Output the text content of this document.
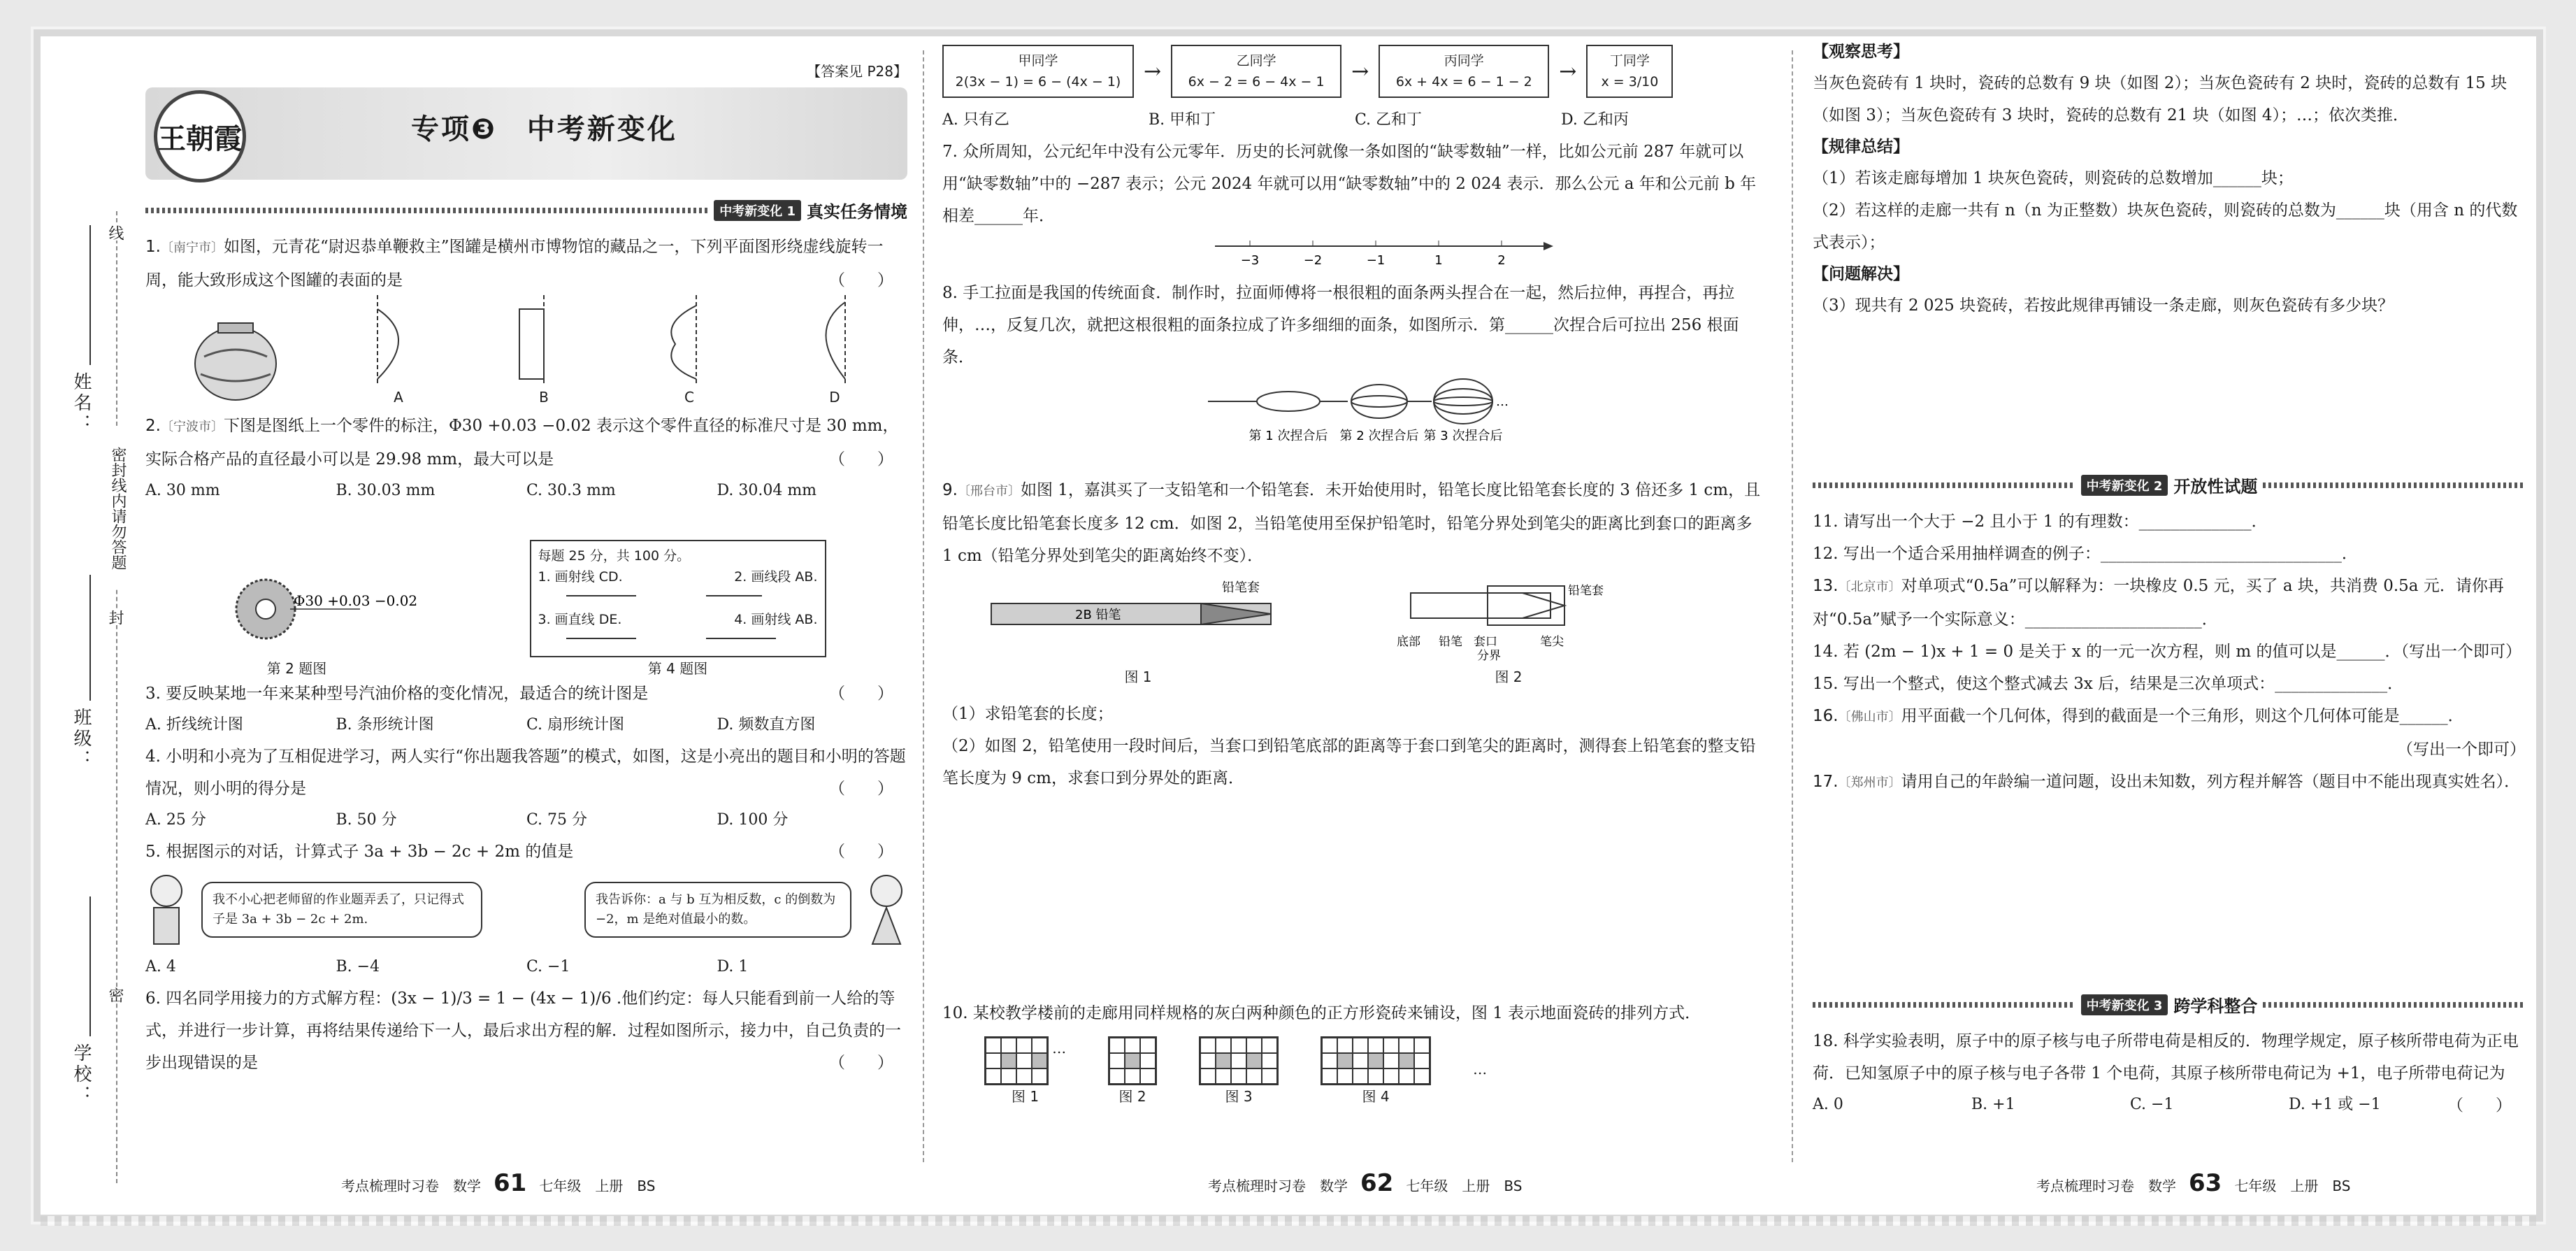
姓名：
班级：
学校：
线
密封线内请勿答题
封
密
【答案见 P28】
王朝霞	专项❸　中考新变化
中考新变化 1 真实任务情境
1.〔南宁市〕如图，元青花“尉迟恭单鞭救主”图罐是横州市博物馆的藏品之一，下列平面图形绕虚线旋转一周，能大致形成这个图罐的表面的是	（　　）
A	B	C	D
2.〔宁波市〕下图是图纸上一个零件的标注，Φ30 +0.03 −0.02 表示这个零件直径的标准尺寸是 30 mm，实际合格产品的直径最小可以是 29.98 mm，最大可以是	（　　）
A. 30 mm	B. 30.03 mm	C. 30.3 mm	D. 30.04 mm
Φ30 +0.03 −0.02
第 2 题图
每题 25 分，共 100 分。
1. 画射线 CD.	2. 画线段 AB.
3. 画直线 DE.	4. 画射线 AB.
第 4 题图
3. 要反映某地一年来某种型号汽油价格的变化情况，最适合的统计图是	（　　）
A. 折线统计图	B. 条形统计图	C. 扇形统计图	D. 频数直方图
4. 小明和小亮为了互相促进学习，两人实行“你出题我答题”的模式，如图，这是小亮出的题目和小明的答题情况，则小明的得分是	（　　）
A. 25 分	B. 50 分	C. 75 分	D. 100 分
5. 根据图示的对话，计算式子 3a + 3b − 2c + 2m 的值是	（　　）
我不小心把老师留的作业题弄丢了，只记得式子是 3a + 3b − 2c + 2m.
我告诉你：a 与 b 互为相反数，c 的倒数为 −2，m 是绝对值最小的数。
A. 4	B. −4	C. −1	D. 1
6. 四名同学用接力的方式解方程：(3x − 1)/3 = 1 − (4x − 1)/6 .他们约定：每人只能看到前一人给的等式，并进行一步计算，再将结果传递给下一人，最后求出方程的解．过程如图所示，接力中，自己负责的一步出现错误的是	（　　）
考点梳理时习卷　数学 61 七年级　上册　BS
甲同学
2(3x − 1) = 6 − (4x − 1) →	乙同学
6x − 2 = 6 − 4x − 1	→	丙同学
6x + 4x = 6 − 1 − 2	→	丁同学
x = 3/10
A. 只有乙	B. 甲和丁	C. 乙和丁	D. 乙和丙
7. 众所周知，公元纪年中没有公元零年．历史的长河就像一条如图的“缺零数轴”一样，比如公元前 287 年就可以用“缺零数轴”中的 −287 表示；公元 2024 年就可以用“缺零数轴”中的 2 024 表示．那么公元 a 年和公元前 b 年相差______年．
−3	−2	−1	1	2
8. 手工拉面是我国的传统面食．制作时，拉面师傅将一根很粗的面条两头捏合在一起，然后拉伸，再捏合，再拉伸，…，反复几次，就把这根很粗的面条拉成了许多细细的面条，如图所示．第______次捏合后可拉出 256 根面条．
…
第 1 次捏合后 第 2 次捏合后 第 3 次捏合后
9.〔邢台市〕如图 1，嘉淇买了一支铅笔和一个铅笔套．未开始使用时，铅笔长度比铅笔套长度的 3 倍还多 1 cm，且铅笔长度比铅笔套长度多 12 cm．如图 2，当铅笔使用至保护铅笔时，铅笔分界处到笔尖的距离比到套口的距离多 1 cm（铅笔分界处到笔尖的距离始终不变）．
铅笔套
2B 铅笔
图 1
铅笔套
底部 铅笔 套口
分界
笔尖
图 2
（1）求铅笔套的长度；
（2）如图 2，铅笔使用一段时间后，当套口到铅笔底部的距离等于套口到笔尖的距离时，测得套上铅笔套的整支铅笔长度为 9 cm，求套口到分界处的距离．
10. 某校教学楼前的走廊用同样规格的灰白两种颜色的正方形瓷砖来铺设，图 1 表示地面瓷砖的排列方式．
…
图 1	图 2	图 3	图 4
…
考点梳理时习卷　数学 62 七年级　上册　BS
【观察思考】
当灰色瓷砖有 1 块时，瓷砖的总数有 9 块（如图 2）；当灰色瓷砖有 2 块时，瓷砖的总数有 15 块（如图 3）；当灰色瓷砖有 3 块时，瓷砖的总数有 21 块（如图 4）；…；依次类推．
【规律总结】
（1）若该走廊每增加 1 块灰色瓷砖，则瓷砖的总数增加______块；
（2）若这样的走廊一共有 n（n 为正整数）块灰色瓷砖，则瓷砖的总数为______块（用含 n 的代数式表示）；
【问题解决】
（3）现共有 2 025 块瓷砖，若按此规律再铺设一条走廊，则灰色瓷砖有多少块？
中考新变化 2 开放性试题
11. 请写出一个大于 −2 且小于 1 的有理数：______________．
12. 写出一个适合采用抽样调查的例子：______________________________．
13.〔北京市〕对单项式“0.5a”可以解释为：一块橡皮 0.5 元，买了 a 块，共消费 0.5a 元．请你再对“0.5a”赋予一个实际意义：______________________．
14. 若 (2m − 1)x + 1 = 0 是关于 x 的一元一次方程，则 m 的值可以是______．（写出一个即可）
15. 写出一个整式，使这个整式减去 3x 后，结果是三次单项式：______________．
16.〔佛山市〕用平面截一个几何体，得到的截面是一个三角形，则这个几何体可能是______．
（写出一个即可）
17.〔郑州市〕请用自己的年龄编一道问题，设出未知数，列方程并解答（题目中不能出现真实姓名）．
中考新变化 3 跨学科整合
18. 科学实验表明，原子中的原子核与电子所带电荷是相反的．物理学规定，原子核所带电荷为正电荷．已知氢原子中的原子核与电子各带 1 个电荷，其原子核所带电荷记为 +1，电子所带电荷记为
（　　）
A. 0	B. +1	C. −1	D. +1 或 −1
考点梳理时习卷　数学 63 七年级　上册　BS
